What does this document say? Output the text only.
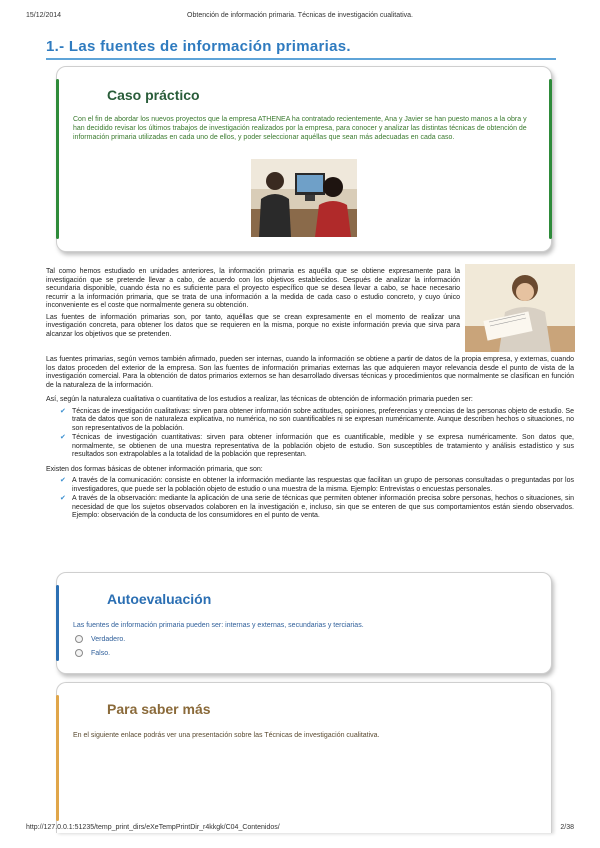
15/12/2014	Obtención de información primaria. Técnicas de investigación cualitativa.
1.- Las fuentes de información primarias.
Caso práctico
Con el fin de abordar los nuevos proyectos que la empresa ATHENEA ha contratado recientemente, Ana y Javier se han puesto manos a la obra y han decidido revisar los últimos trabajos de investigación realizados por la empresa, para conocer y analizar las distintas técnicas de obtención de información primaria utilizadas en cada uno de ellos, y poder seleccionar aquéllas que sean más adecuadas en cada caso.

Tal como hemos estudiado en unidades anteriores, la información primaria es aquélla que se obtiene expresamente para la investigación que se pretende llevar a cabo, de acuerdo con los objetivos establecidos. Después de analizar la información secundaria disponible, cuando ésta no es suficiente para el proyecto específico que se desea llevar a cabo, se hace necesario recurrir a la información primaria, que se trata de una información a la medida de cada caso o estudio concreto, y cuyo único inconveniente es el coste que normalmente genera su obtención.

Las fuentes de información primarias son, por tanto, aquéllas que se crean expresamente en el momento de realizar una investigación concreta, para obtener los datos que se requieren en la misma, porque no existe información previa que sirva para alcanzar los objetivos que se pretenden.

Las fuentes primarias, según vemos también afirmado, pueden ser internas, cuando la información se obtiene a partir de datos de la propia empresa, y externas, cuando los datos proceden del exterior de la empresa. Son las fuentes de información primarias externas las que adquieren mayor relevancia desde el punto de vista de la investigación comercial. Para la obtención de datos primarios externos se han desarrollado diversas técnicas y procedimientos que normalmente se clasifican en función de la naturaleza de la información.

Así, según la naturaleza cualitativa o cuantitativa de los estudios a realizar, las técnicas de obtención de información primaria pueden ser:

✔ Técnicas de investigación cualitativas: sirven para obtener información sobre actitudes, opiniones, preferencias y creencias de las personas objeto de estudio. Se trata de datos que son de naturaleza explicativa, no numérica, no son cuantificables ni se expresan numéricamente. Aunque describen hechos o situaciones, no son representativos de la población.
✔ Técnicas de investigación cuantitativas: sirven para obtener información que es cuantificable, medible y se expresa numéricamente. Son datos que, normalmente, se obtienen de una muestra representativa de la población objeto de estudio. Son susceptibles de tratamiento y análisis estadístico y sus resultados son extrapolables a la totalidad de la población que representan.

Existen dos formas básicas de obtener información primaria, que son:

✔ A través de la comunicación: consiste en obtener la información mediante las respuestas que facilitan un grupo de personas consultadas o preguntadas por los investigadores, que puede ser la población objeto de estudio o una muestra de la misma. Ejemplo: Entrevistas o encuestas personales.
✔ A través de la observación: mediante la aplicación de una serie de técnicas que permiten obtener información precisa sobre personas, hechos o situaciones, sin necesidad de que los sujetos observados colaboren en la investigación e, incluso, sin que se enteren de que sus comportamientos están siendo observados. Ejemplo: observación de la conducta de los consumidores en el punto de venta.
Autoevaluación
Las fuentes de información primaria pueden ser: internas y externas, secundarias y terciarias.
Verdadero.
Falso.
Para saber más
En el siguiente enlace podrás ver una presentación sobre las Técnicas de investigación cualitativa.
http://127.0.0.1:51235/temp_print_dirs/eXeTempPrintDir_r4kkgk/C04_Contenidos/	2/38
